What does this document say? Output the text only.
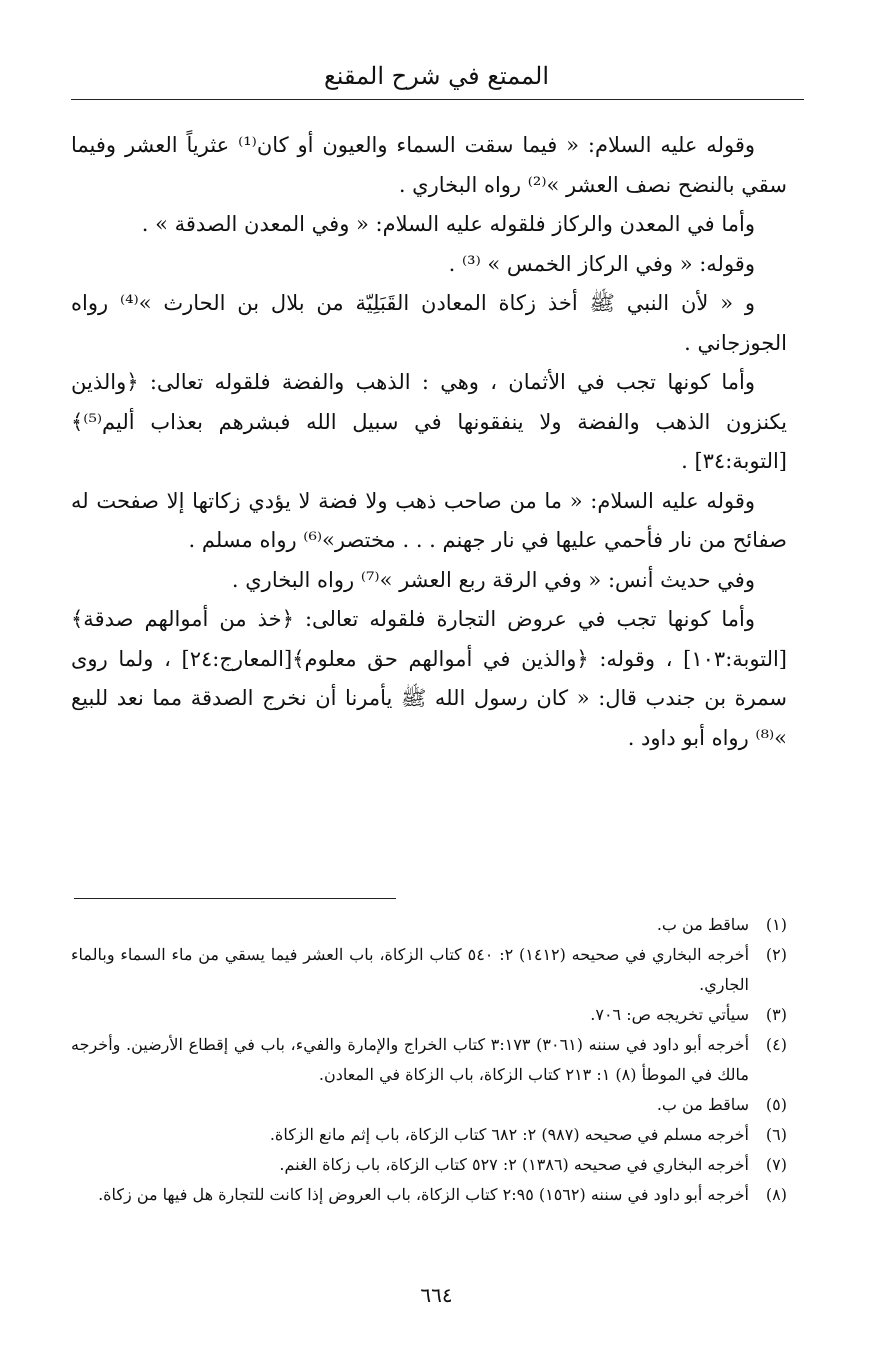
الممتع في شرح المقنع

وقوله عليه السلام: « فيما سقت السماء والعيون أو كان⁽¹⁾ عثرياً العشر وفيما سقي بالنضح نصف العشر »⁽²⁾ رواه البخاري .

وأما في المعدن والركاز فلقوله عليه السلام: « وفي المعدن الصدقة » .

وقوله: « وفي الركاز الخمس » ⁽³⁾ .

و « لأن النبي ﷺ أخذ زكاة المعادن القَبَلِيّة من بلال بن الحارث »⁽⁴⁾ رواه الجوزجاني .

وأما كونها تجب في الأثمان ، وهي : الذهب والفضة فلقوله تعالى: ﴿والذين يكنزون الذهب والفضة ولا ينفقونها في سبيل الله فبشرهم بعذاب أليم⁽⁵⁾﴾[التوبة:٣٤] .

وقوله عليه السلام: « ما من صاحب ذهب ولا فضة لا يؤدي زكاتها إلا صفحت له صفائح من نار فأحمي عليها في نار جهنم . . . مختصر»⁽⁶⁾ رواه مسلم .

وفي حديث أنس: « وفي الرقة ربع العشر »⁽⁷⁾ رواه البخاري .

وأما كونها تجب في عروض التجارة فلقوله تعالى: ﴿خذ من أموالهم صدقة﴾[التوبة:١٠٣] ، وقوله: ﴿والذين في أموالهم حق معلوم﴾[المعارج:٢٤] ، ولما روى سمرة بن جندب قال: « كان رسول الله ﷺ يأمرنا أن نخرج الصدقة مما نعد للبيع »⁽⁸⁾ رواه أبو داود .

(١)
ساقط من ب.
(٢)
أخرجه البخاري في صحيحه (١٤١٢) ٢: ٥٤٠ كتاب الزكاة، باب العشر فيما يسقي من ماء السماء وبالماء الجاري.
(٣)
سيأتي تخريجه ص: ٧٠٦.
(٤)
أخرجه أبو داود في سننه (٣٠٦١) ٣:١٧٣ كتاب الخراج والإمارة والفيء، باب في إقطاع الأرضين. وأخرجه مالك في الموطأ (٨) ١: ٢١٣ كتاب الزكاة، باب الزكاة في المعادن.
(٥)
ساقط من ب.
(٦)
أخرجه مسلم في صحيحه (٩٨٧) ٢: ٦٨٢ كتاب الزكاة، باب إثم مانع الزكاة.
(٧)
أخرجه البخاري في صحيحه (١٣٨٦) ٢: ٥٢٧ كتاب الزكاة، باب زكاة الغنم.
(٨)
أخرجه أبو داود في سننه (١٥٦٢) ٢:٩٥ كتاب الزكاة، باب العروض إذا كانت للتجارة هل فيها من زكاة.
٦٦٤
